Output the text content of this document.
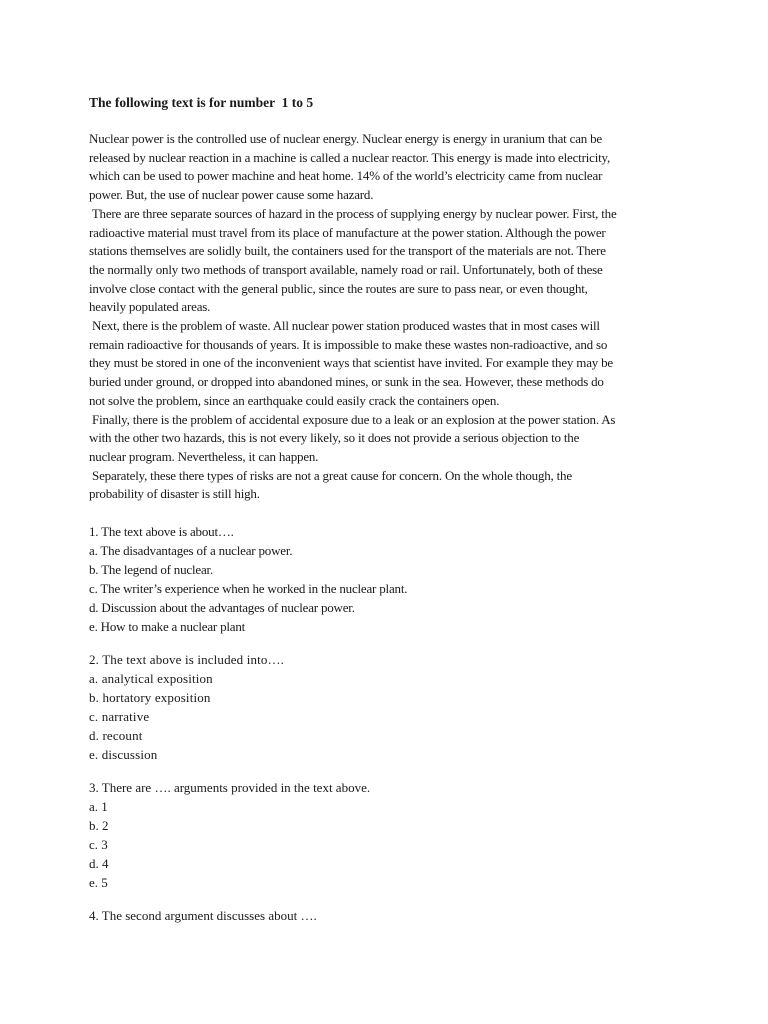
The following text is for number  1 to 5
Nuclear power is the controlled use of nuclear energy. Nuclear energy is energy in uranium that can be
released by nuclear reaction in a machine is called a nuclear reactor. This energy is made into electricity,
which can be used to power machine and heat home. 14% of the world’s electricity came from nuclear
power. But, the use of nuclear power cause some hazard.
There are three separate sources of hazard in the process of supplying energy by nuclear power. First, the
radioactive material must travel from its place of manufacture at the power station. Although the power
stations themselves are solidly built, the containers used for the transport of the materials are not. There
the normally only two methods of transport available, namely road or rail. Unfortunately, both of these
involve close contact with the general public, since the routes are sure to pass near, or even thought,
heavily populated areas.
Next, there is the problem of waste. All nuclear power station produced wastes that in most cases will
remain radioactive for thousands of years. It is impossible to make these wastes non-radioactive, and so
they must be stored in one of the inconvenient ways that scientist have invited. For example they may be
buried under ground, or dropped into abandoned mines, or sunk in the sea. However, these methods do
not solve the problem, since an earthquake could easily crack the containers open.
Finally, there is the problem of accidental exposure due to a leak or an explosion at the power station. As
with the other two hazards, this is not every likely, so it does not provide a serious objection to the
nuclear program. Nevertheless, it can happen.
Separately, these there types of risks are not a great cause for concern. On the whole though, the
probability of disaster is still high.
1. The text above is about….
a. The disadvantages of a nuclear power.
b. The legend of nuclear.
c. The writer’s experience when he worked in the nuclear plant.
d. Discussion about the advantages of nuclear power.
e. How to make a nuclear plant
2. The text above is included into….
a. analytical exposition
b. hortatory exposition
c. narrative
d. recount
e. discussion
3. There are …. arguments provided in the text above.
a. 1
b. 2
c. 3
d. 4
e. 5
4. The second argument discusses about ….
